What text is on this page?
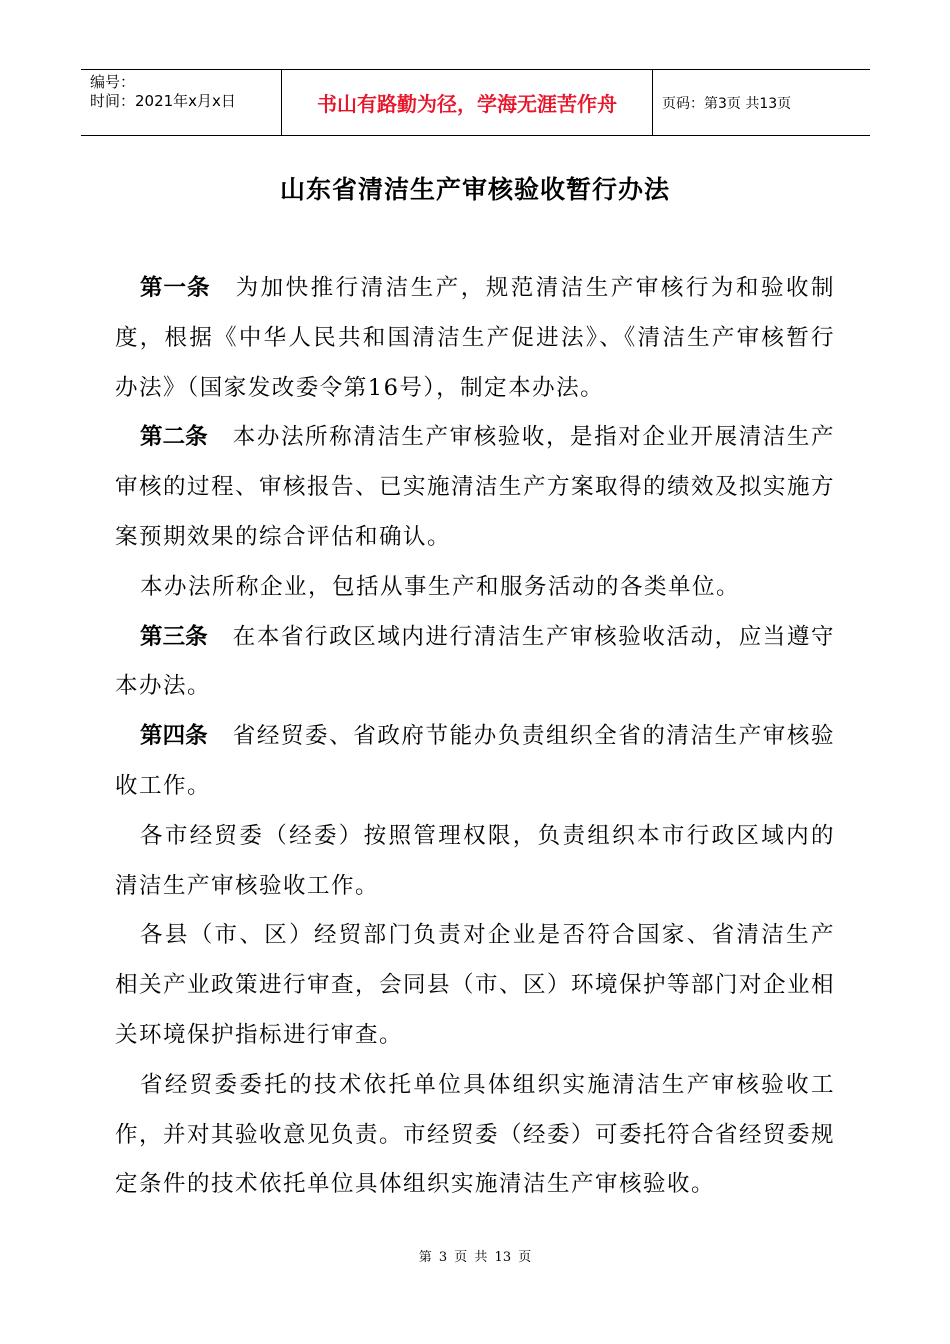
编号：
时间：2021年x月x日	书山有路勤为径，学海无涯苦作舟	页码：第3页 共13页
山东省清洁生产审核验收暂行办法

第一条 为加快推行清洁生产，规范清洁生产审核行为和验收制度，根据《中华人民共和国清洁生产促进法》、《清洁生产审核暂行办法》（国家发改委令第16号），制定本办法。

第二条 本办法所称清洁生产审核验收，是指对企业开展清洁生产审核的过程、审核报告、已实施清洁生产方案取得的绩效及拟实施方案预期效果的综合评估和确认。

本办法所称企业，包括从事生产和服务活动的各类单位。

第三条 在本省行政区域内进行清洁生产审核验收活动，应当遵守本办法。

第四条 省经贸委、省政府节能办负责组织全省的清洁生产审核验收工作。

各市经贸委（经委）按照管理权限，负责组织本市行政区域内的清洁生产审核验收工作。

各县（市、区）经贸部门负责对企业是否符合国家、省清洁生产相关产业政策进行审查，会同县（市、区）环境保护等部门对企业相关环境保护指标进行审查。

省经贸委委托的技术依托单位具体组织实施清洁生产审核验收工作，并对其验收意见负责。市经贸委（经委）可委托符合省经贸委规定条件的技术依托单位具体组织实施清洁生产审核验收。

第 3 页 共 13 页
